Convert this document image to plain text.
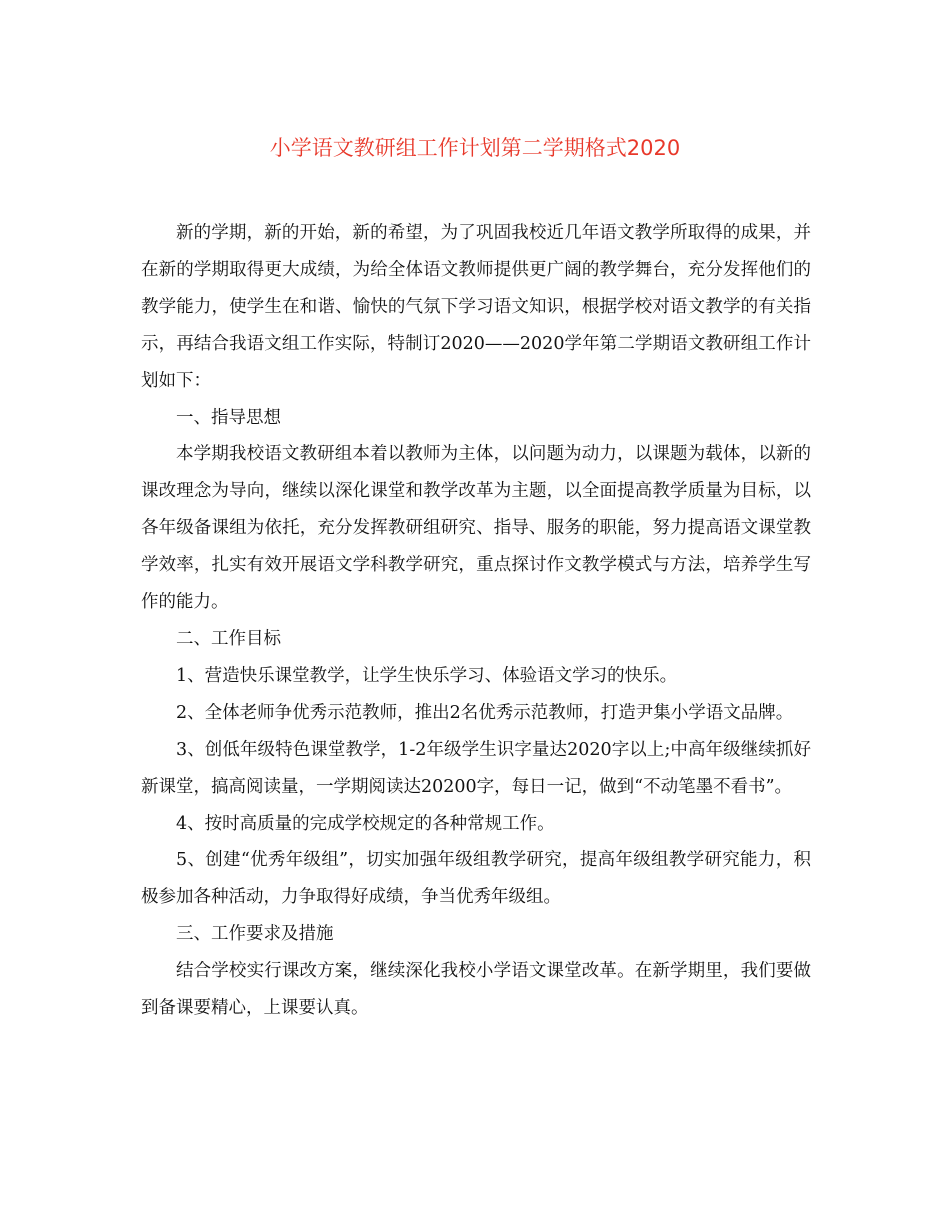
小学语文教研组工作计划第二学期格式2020

新的学期，新的开始，新的希望，为了巩固我校近几年语文教学所取得的成果，并在新的学期取得更大成绩，为给全体语文教师提供更广阔的教学舞台，充分发挥他们的教学能力，使学生在和谐、愉快的气氛下学习语文知识，根据学校对语文教学的有关指示，再结合我语文组工作实际，特制订2020——2020学年第二学期语文教研组工作计划如下：

一、指导思想

本学期我校语文教研组本着以教师为主体，以问题为动力，以课题为载体，以新的课改理念为导向，继续以深化课堂和教学改革为主题，以全面提高教学质量为目标，以各年级备课组为依托，充分发挥教研组研究、指导、服务的职能，努力提高语文课堂教学效率，扎实有效开展语文学科教学研究，重点探讨作文教学模式与方法，培养学生写作的能力。

二、工作目标

1、营造快乐课堂教学，让学生快乐学习、体验语文学习的快乐。

2、全体老师争优秀示范教师，推出2名优秀示范教师，打造尹集小学语文品牌。

3、创低年级特色课堂教学，1-2年级学生识字量达2020字以上;中高年级继续抓好新课堂，搞高阅读量，一学期阅读达20200字，每日一记，做到“不动笔墨不看书”。

4、按时高质量的完成学校规定的各种常规工作。

5、创建“优秀年级组”，切实加强年级组教学研究，提高年级组教学研究能力，积极参加各种活动，力争取得好成绩，争当优秀年级组。

三、工作要求及措施

结合学校实行课改方案，继续深化我校小学语文课堂改革。在新学期里，我们要做到备课要精心，上课要认真。
